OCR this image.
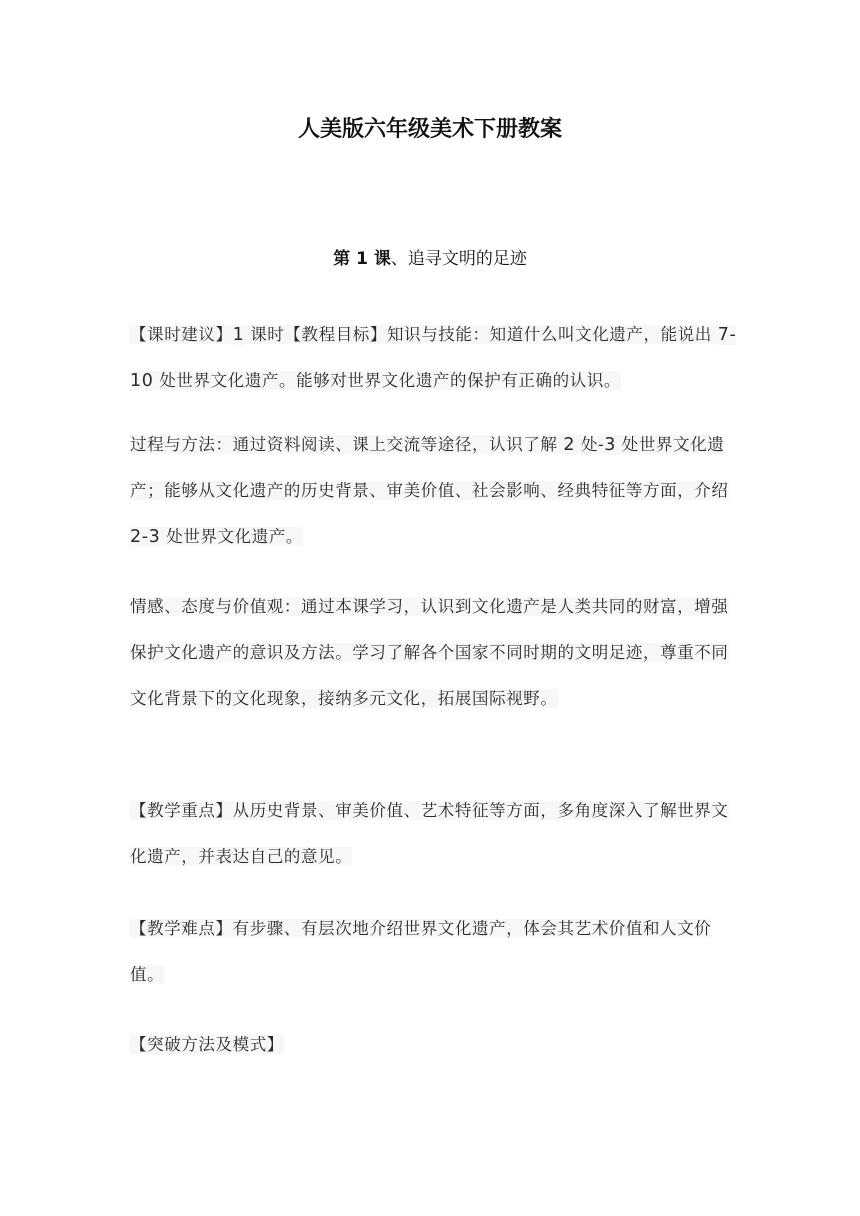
人美版六年级美术下册教案

第 1 课、追寻文明的足迹

【课时建议】1 课时【教程目标】知识与技能：知道什么叫文化遗产，能说出 7-10 处世界文化遗产。能够对世界文化遗产的保护有正确的认识。

过程与方法：通过资料阅读、课上交流等途径，认识了解 2 处-3 处世界文化遗产；能够从文化遗产的历史背景、审美价值、社会影响、经典特征等方面，介绍 2-3 处世界文化遗产。

情感、态度与价值观：通过本课学习，认识到文化遗产是人类共同的财富，增强保护文化遗产的意识及方法。学习了解各个国家不同时期的文明足迹，尊重不同文化背景下的文化现象，接纳多元文化，拓展国际视野。

【教学重点】从历史背景、审美价值、艺术特征等方面，多角度深入了解世界文化遗产，并表达自己的意见。

【教学难点】有步骤、有层次地介绍世界文化遗产，体会其艺术价值和人文价值。

【突破方法及模式】
